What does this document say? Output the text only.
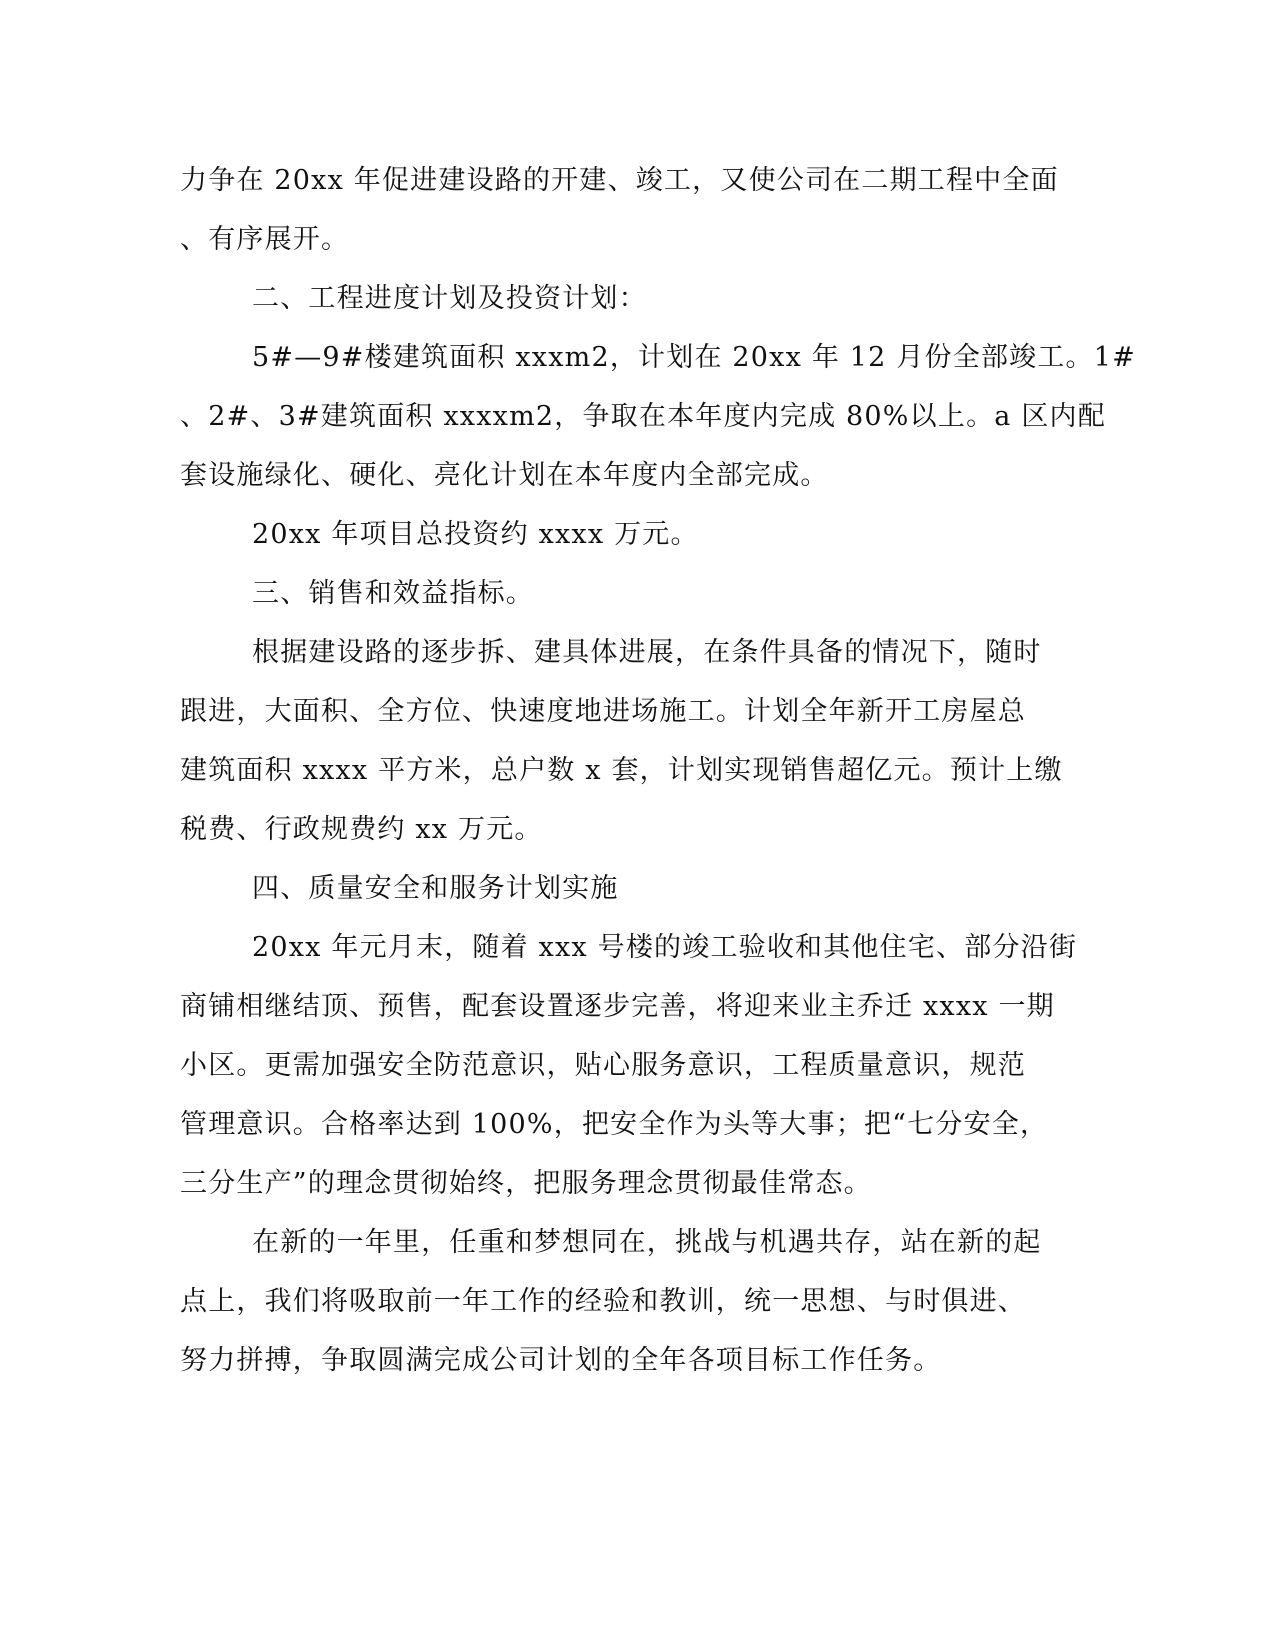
力争在 20xx 年促进建设路的开建、竣工，又使公司在二期工程中全面
、有序展开。
二、工程进度计划及投资计划：
5#—9#楼建筑面积 xxxm2，计划在 20xx 年 12 月份全部竣工。1#
、2#、3#建筑面积 xxxxm2，争取在本年度内完成 80%以上。a 区内配
套设施绿化、硬化、亮化计划在本年度内全部完成。
20xx 年项目总投资约 xxxx 万元。
三、销售和效益指标。
根据建设路的逐步拆、建具体进展，在条件具备的情况下，随时
跟进，大面积、全方位、快速度地进场施工。计划全年新开工房屋总
建筑面积 xxxx 平方米，总户数 x 套，计划实现销售超亿元。预计上缴
税费、行政规费约 xx 万元。
四、质量安全和服务计划实施
20xx 年元月末，随着 xxx 号楼的竣工验收和其他住宅、部分沿街
商铺相继结顶、预售，配套设置逐步完善，将迎来业主乔迁 xxxx 一期
小区。更需加强安全防范意识，贴心服务意识，工程质量意识，规范
管理意识。合格率达到 100%，把安全作为头等大事；把“七分安全，
三分生产”的理念贯彻始终，把服务理念贯彻最佳常态。
在新的一年里，任重和梦想同在，挑战与机遇共存，站在新的起
点上，我们将吸取前一年工作的经验和教训，统一思想、与时俱进、
努力拼搏，争取圆满完成公司计划的全年各项目标工作任务。
